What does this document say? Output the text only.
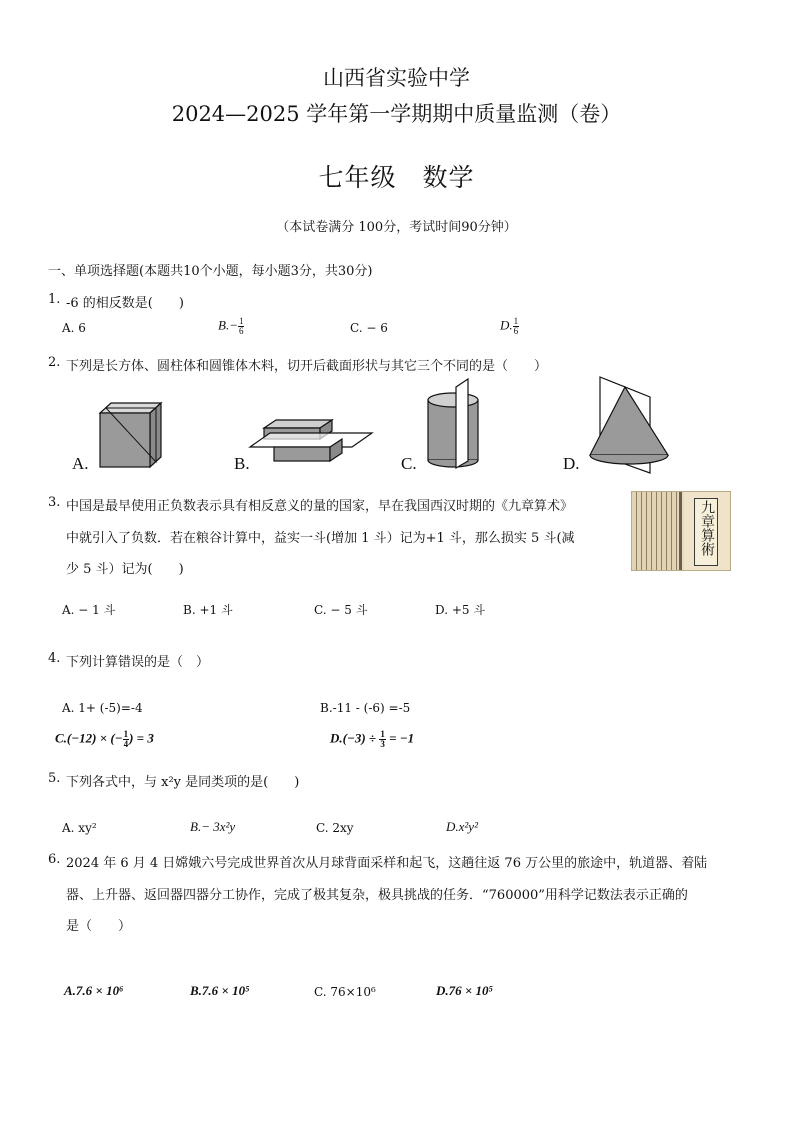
山西省实验中学
2024—2025 学年第一学期期中质量监测（卷）
七年级　数学
（本试卷满分 100分，考试时间90分钟）
一、单项选择题(本题共10个小题，每小题3分，共30分)
1. -6 的相反数是(　　)
A. 6	$B.- \frac{1}{6}$	C. − 6	D. $\frac{1}{6}$
2. 下列是长方体、圆柱体和圆锥体木料，切开后截面形状与其它三个不同的是（　　）
A.	B.	C.	D.
3. 中国是最早使用正负数表示具有相反意义的量的国家，早在我国西汉时期的《九章算术》
中就引入了负数．若在粮谷计算中，益实一斗(增加 1 斗）记为+1 斗，那么损实 5 斗(减
少 5 斗）记为(　　)
九章算術
A. − 1 斗	B. +1 斗	C. − 5 斗	D. +5 斗
4. 下列计算错误的是（　）
A. 1+ (-5)=-4	B.-11 - (-6) =-5
C.(−12) × (− $\frac{1}{4}$ ) = 3	$D.(-3) \div \frac{1}{3} = -1$
5. 下列各式中，与 x²y 是同类项的是(　　)
A. xy²	B.− 3x²y	C. 2xy	D.x²y²
6. 2024 年 6 月 4 日嫦娥六号完成世界首次从月球背面采样和起飞，这趟往返 76 万公里的旅途中，轨道器、着陆
器、上升器、返回器四器分工协作，完成了极其复杂，极具挑战的任务．“760000”用科学记数法表示正确的
是（　　）
A.7.6 × 10⁶	B.7.6 × 10⁵	C. 76×10⁶	D.76 × 10⁵
